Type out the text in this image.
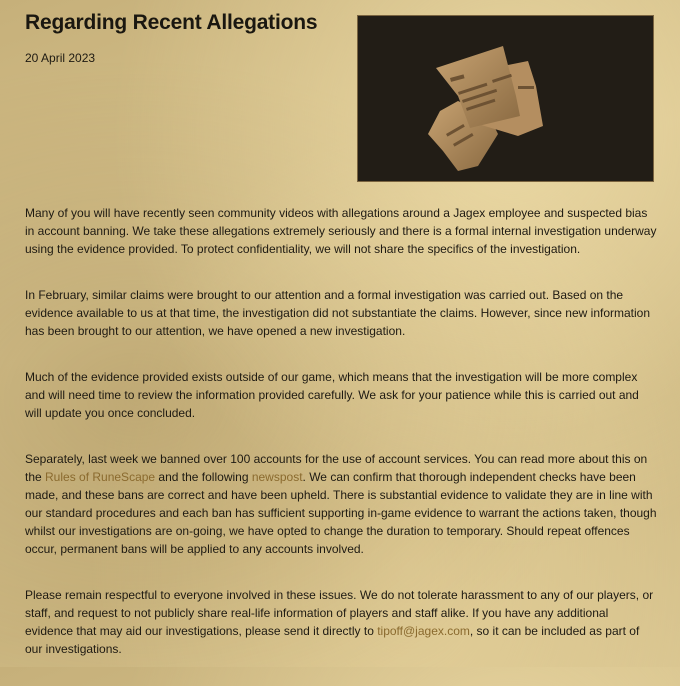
Regarding Recent Allegations
20 April 2023

Many of you will have recently seen community videos with allegations around a Jagex employee and suspected bias in account banning. We take these allegations extremely seriously and there is a formal internal investigation underway using the evidence provided. To protect confidentiality, we will not share the specifics of the investigation.

In February, similar claims were brought to our attention and a formal investigation was carried out. Based on the evidence available to us at that time, the investigation did not substantiate the claims. However, since new information has been brought to our attention, we have opened a new investigation.

Much of the evidence provided exists outside of our game, which means that the investigation will be more complex and will need time to review the information provided carefully. We ask for your patience while this is carried out and will update you once concluded.

Separately, last week we banned over 100 accounts for the use of account services. You can read more about this on the Rules of RuneScape and the following newspost. We can confirm that thorough independent checks have been made, and these bans are correct and have been upheld. There is substantial evidence to validate they are in line with our standard procedures and each ban has sufficient supporting in-game evidence to warrant the actions taken, though whilst our investigations are on-going, we have opted to change the duration to temporary. Should repeat offences occur, permanent bans will be applied to any accounts involved.

Please remain respectful to everyone involved in these issues. We do not tolerate harassment to any of our players, or staff, and request to not publicly share real-life information of players and staff alike. If you have any additional evidence that may aid our investigations, please send it directly to tipoff@jagex.com, so it can be included as part of our investigations.
